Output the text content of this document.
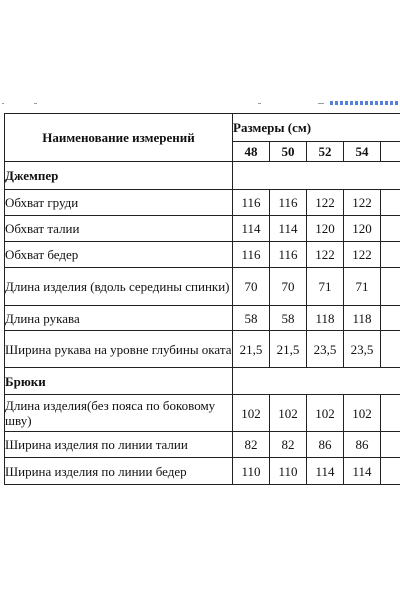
Наименование измерений	Размеры (см)				
	48	50	52	54	
Джемпер					
Обхват груди	116	116	122	122	
Обхват талии	114	114	120	120	
Обхват бедер	116	116	122	122	
Длина изделия (вдоль середины спинки)	70	70	71	71	
Длина рукава	58	58	118	118	
Ширина рукава на уровне глубины оката	21,5	21,5	23,5	23,5	
Брюки					
Длина изделия(без пояса по боковому шву)	102	102	102	102	
Ширина изделия по линии талии	82	82	86	86	
Ширина изделия по линии бедер	110	110	114	114	
